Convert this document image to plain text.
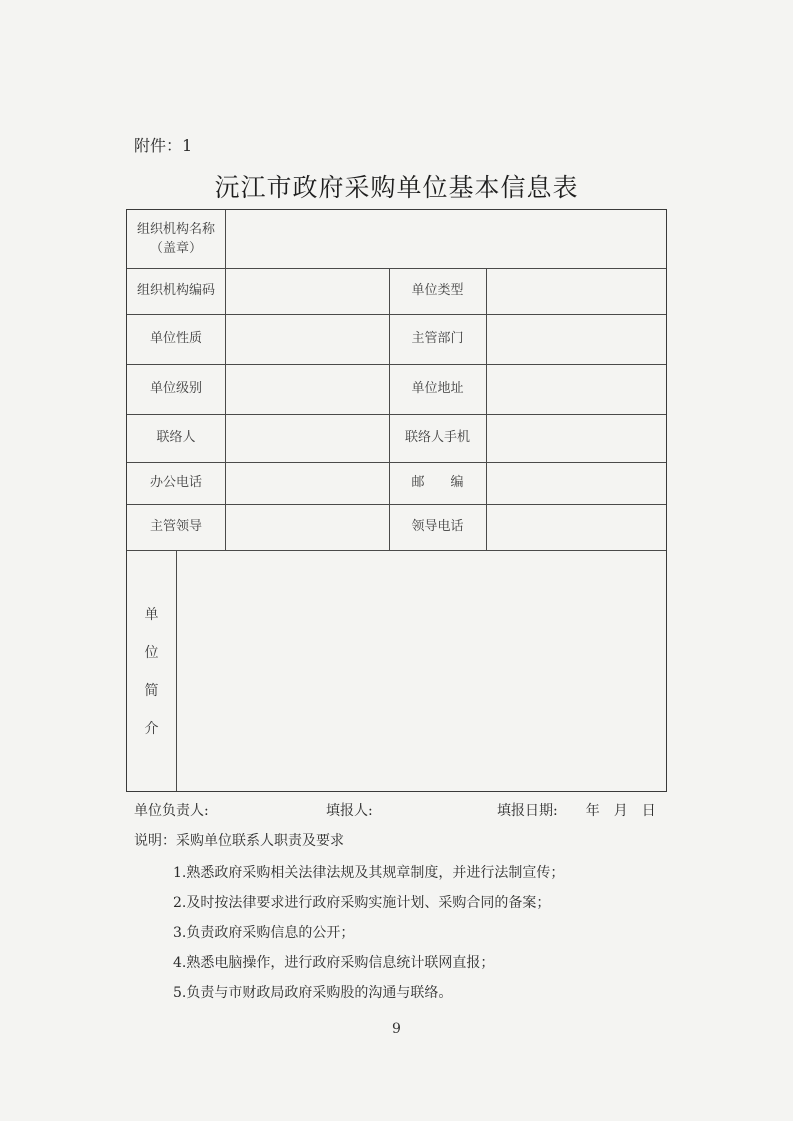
附件：1
沅江市政府采购单位基本信息表
组织机构名称
（盖章）
组织机构编码	单位类型
单位性质	主管部门
单位级别	单位地址
联络人	联络人手机
办公电话	邮　　编
主管领导	领导电话
单
位
简
介
单位负责人:	填报人:	填报日期:　　年　月　日
说明：采购单位联系人职责及要求
1.熟悉政府采购相关法律法规及其规章制度，并进行法制宣传；
2.及时按法律要求进行政府采购实施计划、采购合同的备案；
3.负责政府采购信息的公开；
4.熟悉电脑操作，进行政府采购信息统计联网直报；
5.负责与市财政局政府采购股的沟通与联络。
9
